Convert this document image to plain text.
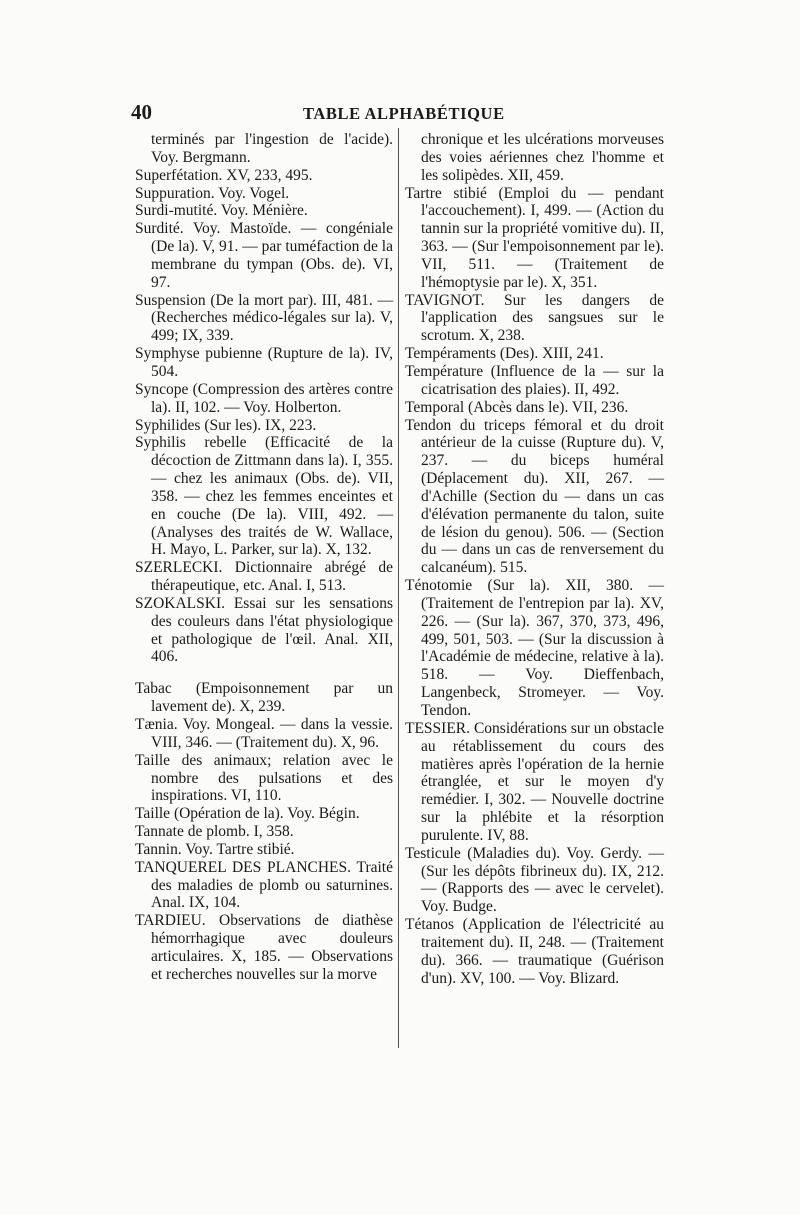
40	TABLE ALPHABÉTIQUE

terminés par l'ingestion de l'acide). Voy. Bergmann.

Superfétation. XV, 233, 495.

Suppuration. Voy. Vogel.

Surdi-mutité. Voy. Ménière.

Surdité. Voy. Mastoïde. — congéniale (De la). V, 91. — par tuméfaction de la membrane du tympan (Obs. de). VI, 97.

Suspension (De la mort par). III, 481. — (Recherches médico-légales sur la). V, 499; IX, 339.

Symphyse pubienne (Rupture de la). IV, 504.

Syncope (Compression des artères contre la). II, 102. — Voy. Holberton.

Syphilides (Sur les). IX, 223.

Syphilis rebelle (Efficacité de la décoction de Zittmann dans la). I, 355. — chez les animaux (Obs. de). VII, 358. — chez les femmes enceintes et en couche (De la). VIII, 492. — (Analyses des traités de W. Wallace, H. Mayo, L. Parker, sur la). X, 132.

SZERLECKI. Dictionnaire abrégé de thérapeutique, etc. Anal. I, 513.

SZOKALSKI. Essai sur les sensations des couleurs dans l'état physiologique et pathologique de l'œil. Anal. XII, 406.

Tabac (Empoisonnement par un lavement de). X, 239.

Tænia. Voy. Mongeal. — dans la vessie. VIII, 346. — (Traitement du). X, 96.

Taille des animaux; relation avec le nombre des pulsations et des inspirations. VI, 110.

Taille (Opération de la). Voy. Bégin.

Tannate de plomb. I, 358.

Tannin. Voy. Tartre stibié.

TANQUEREL DES PLANCHES. Traité des maladies de plomb ou saturnines. Anal. IX, 104.

TARDIEU. Observations de diathèse hémorrhagique avec douleurs articulaires. X, 185. — Observations et recherches nouvelles sur la morve

chronique et les ulcérations morveuses des voies aériennes chez l'homme et les solipèdes. XII, 459.

Tartre stibié (Emploi du — pendant l'accouchement). I, 499. — (Action du tannin sur la propriété vomitive du). II, 363. — (Sur l'empoisonnement par le). VII, 511. — (Traitement de l'hémoptysie par le). X, 351.

TAVIGNOT. Sur les dangers de l'application des sangsues sur le scrotum. X, 238.

Tempéraments (Des). XIII, 241.

Température (Influence de la — sur la cicatrisation des plaies). II, 492.

Temporal (Abcès dans le). VII, 236.

Tendon du triceps fémoral et du droit antérieur de la cuisse (Rupture du). V, 237. — du biceps huméral (Déplacement du). XII, 267. — d'Achille (Section du — dans un cas d'élévation permanente du talon, suite de lésion du genou). 506. — (Section du — dans un cas de renversement du calcanéum). 515.

Ténotomie (Sur la). XII, 380. — (Traitement de l'entrepion par la). XV, 226. — (Sur la). 367, 370, 373, 496, 499, 501, 503. — (Sur la discussion à l'Académie de médecine, relative à la). 518. — Voy. Dieffenbach, Langenbeck, Stromeyer. — Voy. Tendon.

TESSIER. Considérations sur un obstacle au rétablissement du cours des matières après l'opération de la hernie étranglée, et sur le moyen d'y remédier. I, 302. — Nouvelle doctrine sur la phlébite et la résorption purulente. IV, 88.

Testicule (Maladies du). Voy. Gerdy. — (Sur les dépôts fibrineux du). IX, 212. — (Rapports des — avec le cervelet). Voy. Budge.

Tétanos (Application de l'électricité au traitement du). II, 248. — (Traitement du). 366. — traumatique (Guérison d'un). XV, 100. — Voy. Blizard.
